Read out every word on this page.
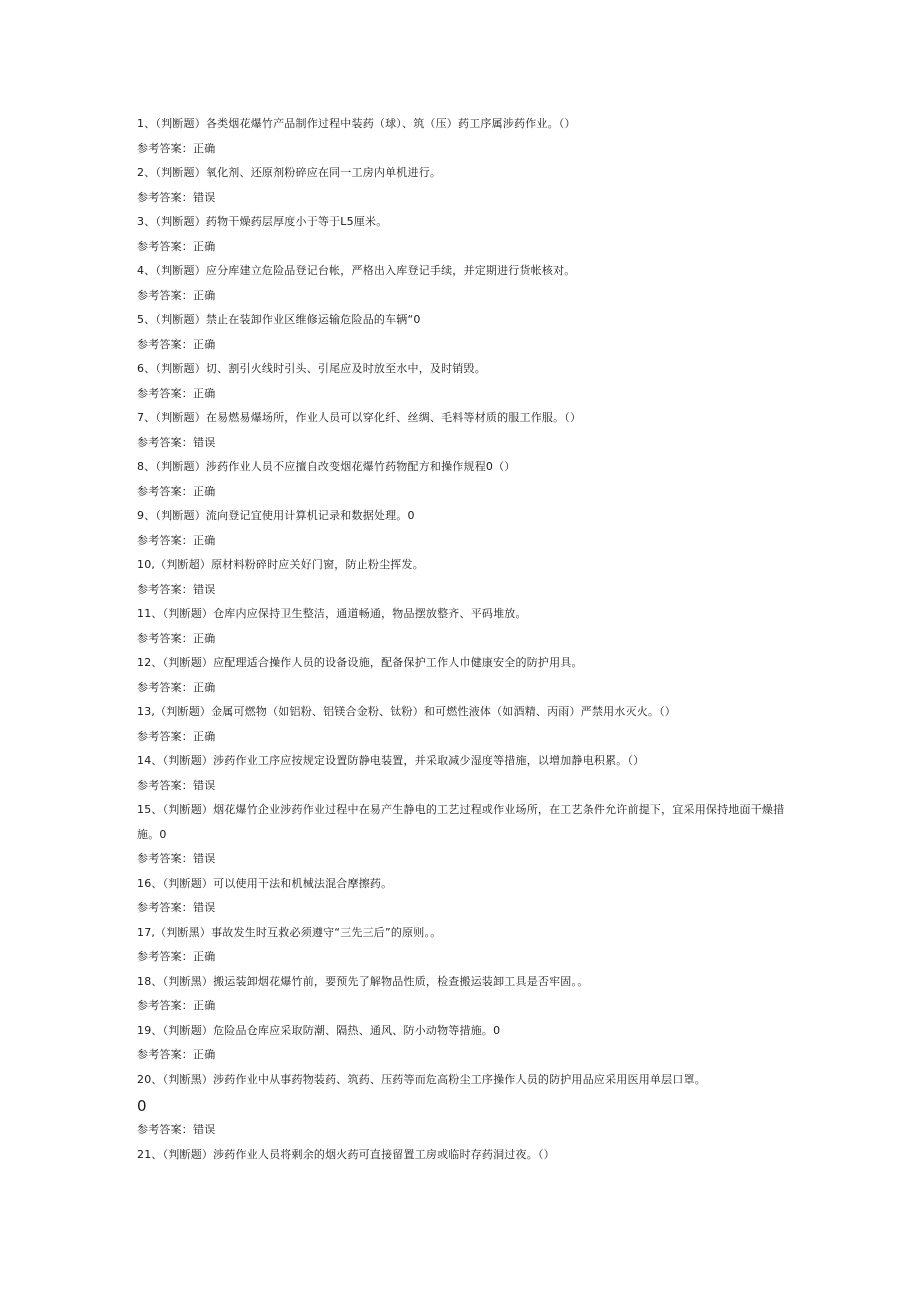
1、（判断题）各类烟花爆竹产品制作过程中装药（球）、筑（压）药工序属涉药作业。（）
参考答案：正确
2、（判断题）氧化剂、还原剂粉碎应在同一工房内单机进行。
参考答案：错误
3、（判断题）药物干燥药层厚度小于等于L5厘米。
参考答案：正确
4、（判断题）应分库建立危险品登记台帐，严格出入库登记手续，并定期进行货帐核对。
参考答案：正确
5、（判断题）禁止在装卸作业区维修运输危险品的车辆“0
参考答案：正确
6、（判断题）切、割引火线时引头、引尾应及时放至水中，及时销毁。
参考答案：正确
7、（判断题）在易燃易爆场所，作业人员可以穿化纤、丝绸、毛料等材质的服工作服。（）
参考答案：错误
8、（判断题）涉药作业人员不应擅自改变烟花爆竹药物配方和操作规程0（）
参考答案：正确
9、（判断题）流向登记宜使用计算机记录和数据处理。0
参考答案：正确
10,（判断超）原材料粉碎时应关好门窗，防止粉尘挥发。
参考答案：错误
11、（判断题）仓库内应保持卫生整洁，通道畅通，物品摆放整齐、平码堆放。
参考答案：正确
12、（判断题）应配理适合操作人员的设备设施，配备保护工作人巾健康安全的防护用具。
参考答案：正确
13,（判断题）金属可燃物（如铝粉、铝镁合金粉、钛粉）和可燃性液体（如酒精、丙雨）严禁用水灭火。（）
参考答案：正确
14、（判断题）涉药作业工序应按规定设置防静电装置，并采取减少湿度等措施，以增加静电积累。（）
参考答案：错误
15、（判断题）烟花爆竹企业涉药作业过程中在易产生静电的工艺过程或作业场所，在工艺条件允许前提下，宜采用保持地面干燥措施。0
参考答案：错误
16、（判断题）可以使用干法和机械法混合摩擦药。
参考答案：错误
17,（判断黑）事故发生时互救必须遵守“三先三后”的原则。。
参考答案：正确
18、（判断黑）搬运装卸烟花爆竹前，要预先了解物品性质，检查搬运装卸工具是否牢固。。
参考答案：正确
19、（判断题）危险品仓库应采取防潮、隔热、通风、防小动物等措施。0
参考答案：正确
20、（判断黑）涉药作业中从事药物装药、筑药、压药等而危高粉尘工序操作人员的防护用品应采用医用单层口罩。
0
参考答案：错误
21、（判断题）涉药作业人员将剩余的烟火药可直接留置工房或临时存药洞过夜。（）
